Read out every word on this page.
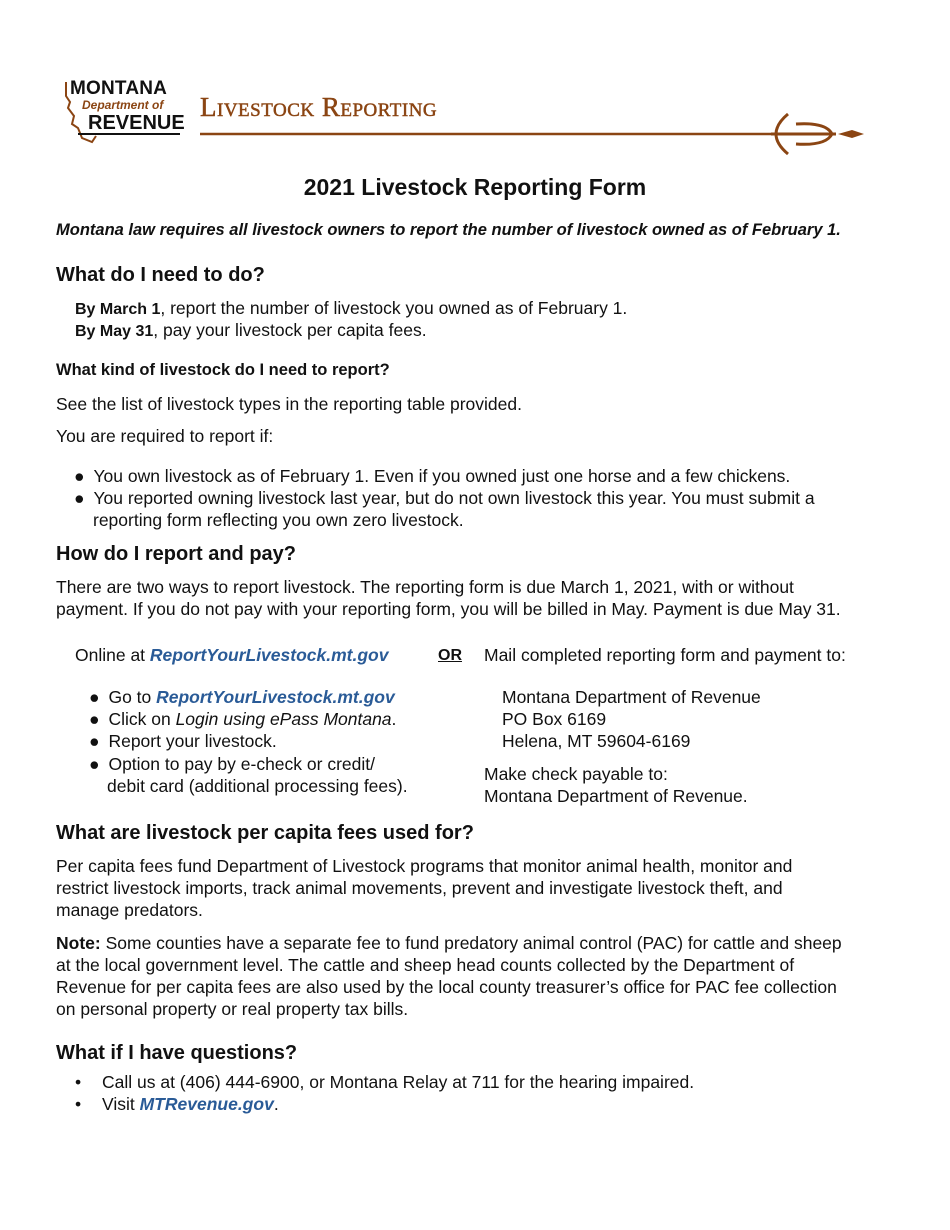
MONTANA
Department of
REVENUE
Livestock Reporting
2021 Livestock Reporting Form
Montana law requires all livestock owners to report the number of livestock owned as of February 1.
What do I need to do?
By March 1, report the number of livestock you owned as of February 1.
By May 31, pay your livestock per capita fees.
What kind of livestock do I need to report?
See the list of livestock types in the reporting table provided.
You are required to report if:
● You own livestock as of February 1. Even if you owned just one horse and a few chickens.
● You reported owning livestock last year, but do not own livestock this year. You must submit a
reporting form reflecting you own zero livestock.
How do I report and pay?
There are two ways to report livestock. The reporting form is due March 1, 2021, with or without
payment. If you do not pay with your reporting form, you will be billed in May. Payment is due May 31.
Online at ReportYourLivestock.mt.gov	OR Mail completed reporting form and payment to:
● Go to ReportYourLivestock.mt.gov
● Click on Login using ePass Montana.
● Report your livestock.
● Option to pay by e-check or credit/
debit card (additional processing fees).
Montana Department of Revenue
PO Box 6169
Helena, MT 59604-6169
Make check payable to:
Montana Department of Revenue.
What are livestock per capita fees used for?
Per capita fees fund Department of Livestock programs that monitor animal health, monitor and
restrict livestock imports, track animal movements, prevent and investigate livestock theft, and
manage predators.
Note: Some counties have a separate fee to fund predatory animal control (PAC) for cattle and sheep
at the local government level. The cattle and sheep head counts collected by the Department of
Revenue for per capita fees are also used by the local county treasurer’s office for PAC fee collection
on personal property or real property tax bills.
What if I have questions?
• Call us at (406) 444-6900, or Montana Relay at 711 for the hearing impaired.
• Visit MTRevenue.gov.
